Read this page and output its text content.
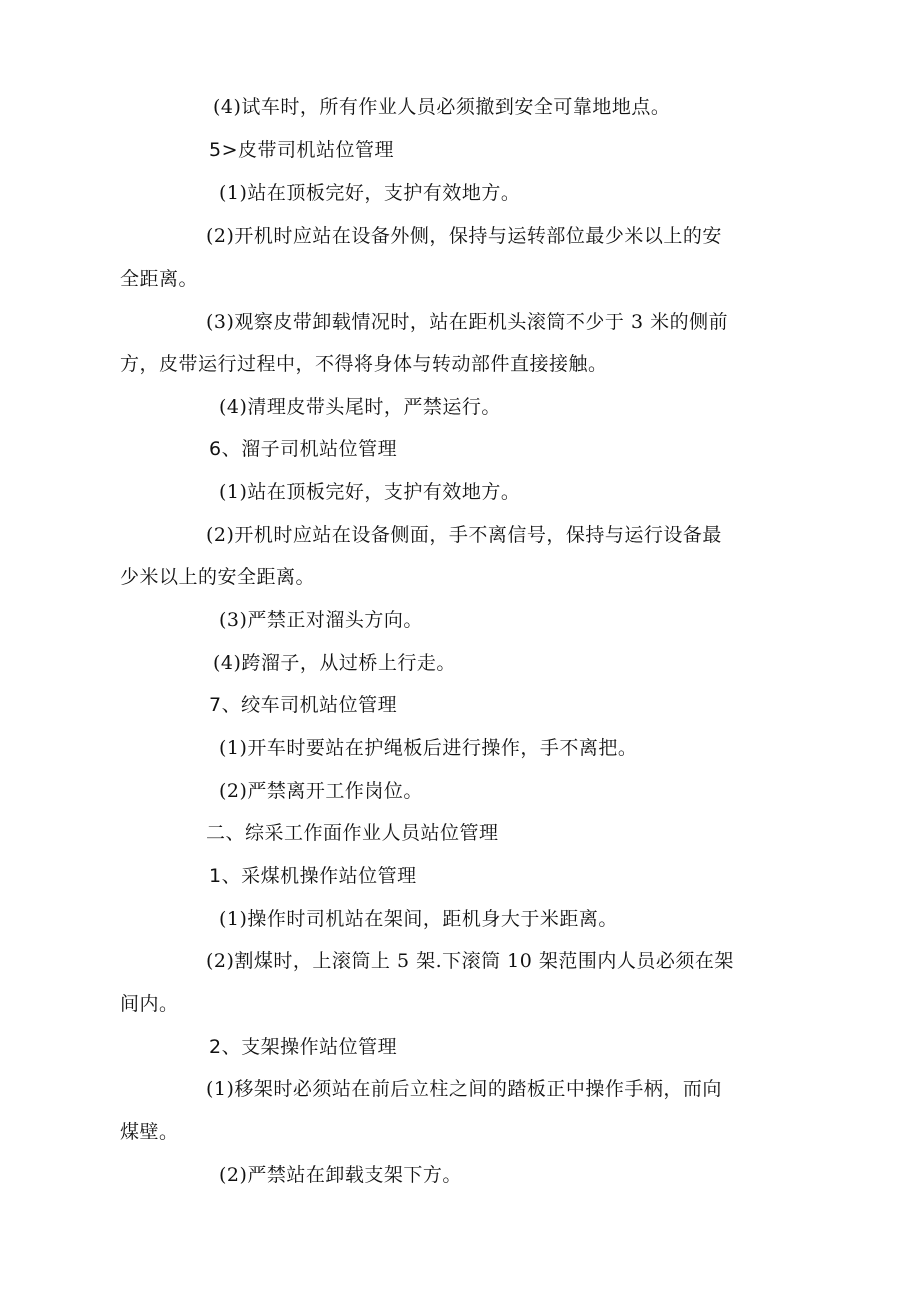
(4)试车时，所有作业人员必须撤到安全可靠地地点。
5>皮带司机站位管理
(1)站在顶板完好，支护有效地方。
(2)开机时应站在设备外侧，保持与运转部位最少米以上的安
全距离。
(3)观察皮带卸载情况时，站在距机头滚筒不少于 3 米的侧前
方，皮带运行过程中，不得将身体与转动部件直接接触。
(4)清理皮带头尾时，严禁运行。
6、溜子司机站位管理
(1)站在顶板完好，支护有效地方。
(2)开机时应站在设备侧面，手不离信号，保持与运行设备最
少米以上的安全距离。
(3)严禁正对溜头方向。
(4)跨溜子，从过桥上行走。
7、绞车司机站位管理
(1)开车时要站在护绳板后进行操作，手不离把。
(2)严禁离开工作岗位。
二、综采工作面作业人员站位管理
1、采煤机操作站位管理
(1)操作时司机站在架间，距机身大于米距离。
(2)割煤时，上滚筒上 5 架.下滚筒 10 架范围内人员必须在架
间内。
2、支架操作站位管理
(1)移架时必须站在前后立柱之间的踏板正中操作手柄，而向
煤壁。
(2)严禁站在卸载支架下方。
